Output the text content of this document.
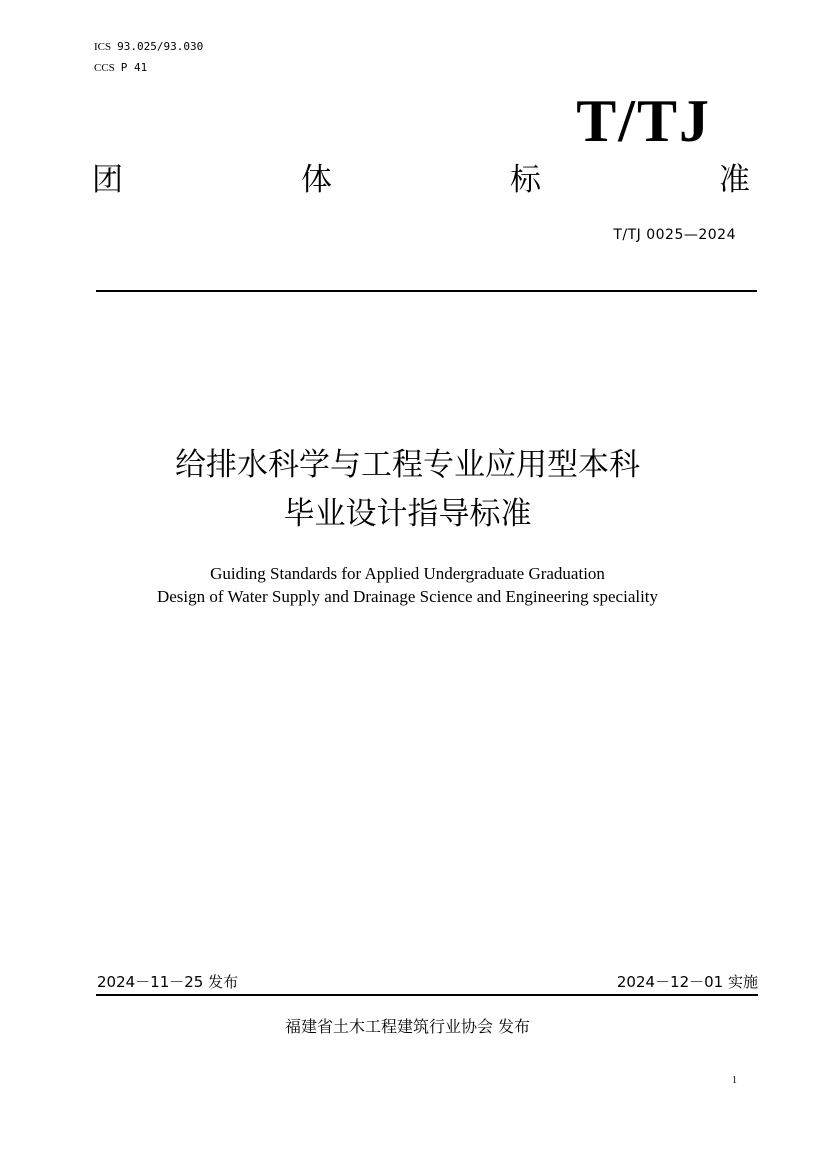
ICS 93.025/93.030
CCS P 41
T/TJ
团	体	标	准
T/TJ 0025—2024
给排水科学与工程专业应用型本科
毕业设计指导标准
Guiding Standards for Applied Undergraduate Graduation
Design of Water Supply and Drainage Science and Engineering speciality
2024－11－25 发布	2024－12－01 实施
福建省土木工程建筑行业协会 发布
1
